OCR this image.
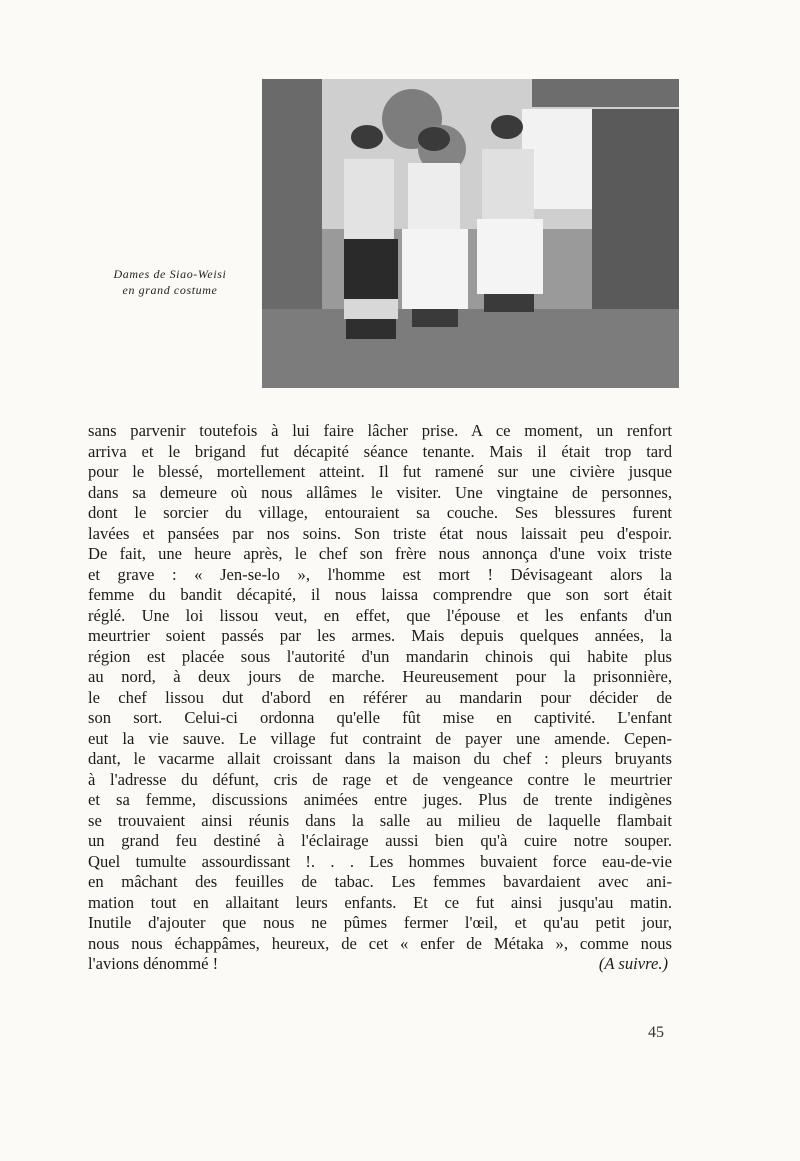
Dames de Siao-Weisi
en grand costume
sans parvenir toutefois à lui faire lâcher prise. A ce moment, un renfort
arriva et le brigand fut décapité séance tenante. Mais il était trop tard
pour le blessé, mortellement atteint. Il fut ramené sur une civière jusque
dans sa demeure où nous allâmes le visiter. Une vingtaine de personnes,
dont le sorcier du village, entouraient sa couche. Ses blessures furent
lavées et pansées par nos soins. Son triste état nous laissait peu d'espoir.
De fait, une heure après, le chef son frère nous annonça d'une voix triste
et grave : « Jen-se-lo », l'homme est mort ! Dévisageant alors la
femme du bandit décapité, il nous laissa comprendre que son sort était
réglé. Une loi lissou veut, en effet, que l'épouse et les enfants d'un
meurtrier soient passés par les armes. Mais depuis quelques années, la
région est placée sous l'autorité d'un mandarin chinois qui habite plus
au nord, à deux jours de marche. Heureusement pour la prisonnière,
le chef lissou dut d'abord en référer au mandarin pour décider de
son sort. Celui-ci ordonna qu'elle fût mise en captivité. L'enfant
eut la vie sauve. Le village fut contraint de payer une amende. Cepen-
dant, le vacarme allait croissant dans la maison du chef : pleurs bruyants
à l'adresse du défunt, cris de rage et de vengeance contre le meurtrier
et sa femme, discussions animées entre juges. Plus de trente indigènes
se trouvaient ainsi réunis dans la salle au milieu de laquelle flambait
un grand feu destiné à l'éclairage aussi bien qu'à cuire notre souper.
Quel tumulte assourdissant !. . . Les hommes buvaient force eau-de-vie
en mâchant des feuilles de tabac. Les femmes bavardaient avec ani-
mation tout en allaitant leurs enfants. Et ce fut ainsi jusqu'au matin.
Inutile d'ajouter que nous ne pûmes fermer l'œil, et qu'au petit jour,
nous nous échappâmes, heureux, de cet « enfer de Métaka », comme nous
l'avions dénommé !	(A suivre.)
45
